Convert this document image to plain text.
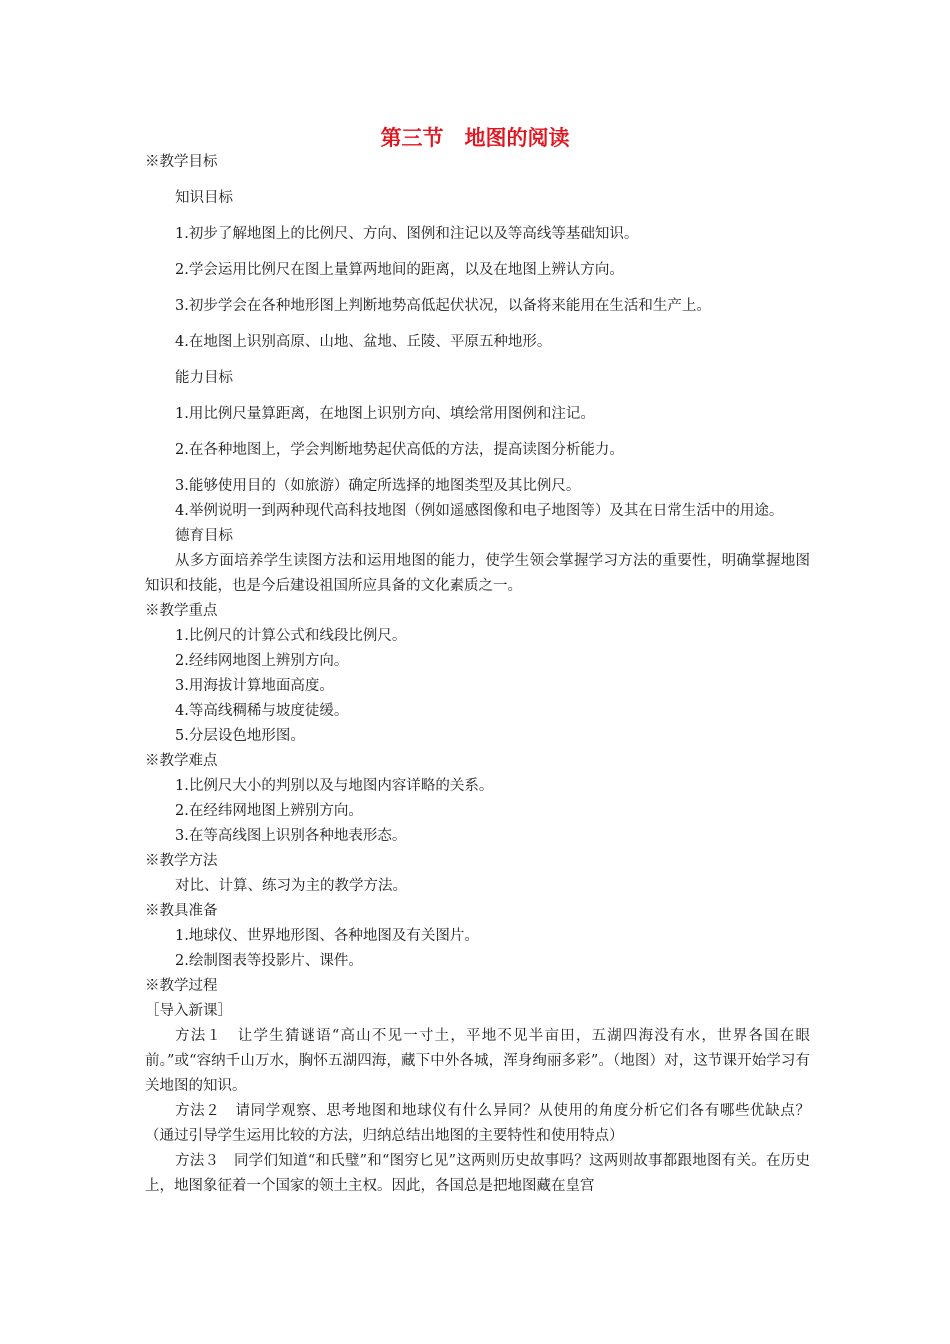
第三节　地图的阅读

※教学目标

知识目标

1.初步了解地图上的比例尺、方向、图例和注记以及等高线等基础知识。

2.学会运用比例尺在图上量算两地间的距离，以及在地图上辨认方向。

3.初步学会在各种地形图上判断地势高低起伏状况，以备将来能用在生活和生产上。

4.在地图上识别高原、山地、盆地、丘陵、平原五种地形。

能力目标

1.用比例尺量算距离，在地图上识别方向、填绘常用图例和注记。

2.在各种地图上，学会判断地势起伏高低的方法，提高读图分析能力。

3.能够使用目的（如旅游）确定所选择的地图类型及其比例尺。

4.举例说明一到两种现代高科技地图（例如遥感图像和电子地图等）及其在日常生活中的用途。

德育目标

从多方面培养学生读图方法和运用地图的能力，使学生领会掌握学习方法的重要性，明确掌握地图知识和技能，也是今后建设祖国所应具备的文化素质之一。

※教学重点

1.比例尺的计算公式和线段比例尺。

2.经纬网地图上辨别方向。

3.用海拔计算地面高度。

4.等高线稠稀与坡度徒缓。

5.分层设色地形图。

※教学难点

1.比例尺大小的判别以及与地图内容详略的关系。

2.在经纬网地图上辨别方向。

3.在等高线图上识别各种地表形态。

※教学方法

对比、计算、练习为主的教学方法。

※教具准备

1.地球仪、世界地形图、各种地图及有关图片。

2.绘制图表等投影片、课件。

※教学过程

［导入新课］

方法１　让学生猜谜语“高山不见一寸土，平地不见半亩田，五湖四海没有水，世界各国在眼前。”或“容纳千山万水，胸怀五湖四海，藏下中外各城，浑身绚丽多彩”。（地图）对，这节课开始学习有关地图的知识。

方法２　请同学观察、思考地图和地球仪有什么异同？从使用的角度分析它们各有哪些优缺点？（通过引导学生运用比较的方法，归纳总结出地图的主要特性和使用特点）

方法３　同学们知道“和氏璧”和“图穷匕见”这两则历史故事吗？这两则故事都跟地图有关。在历史上，地图象征着一个国家的领土主权。因此，各国总是把地图藏在皇宫
